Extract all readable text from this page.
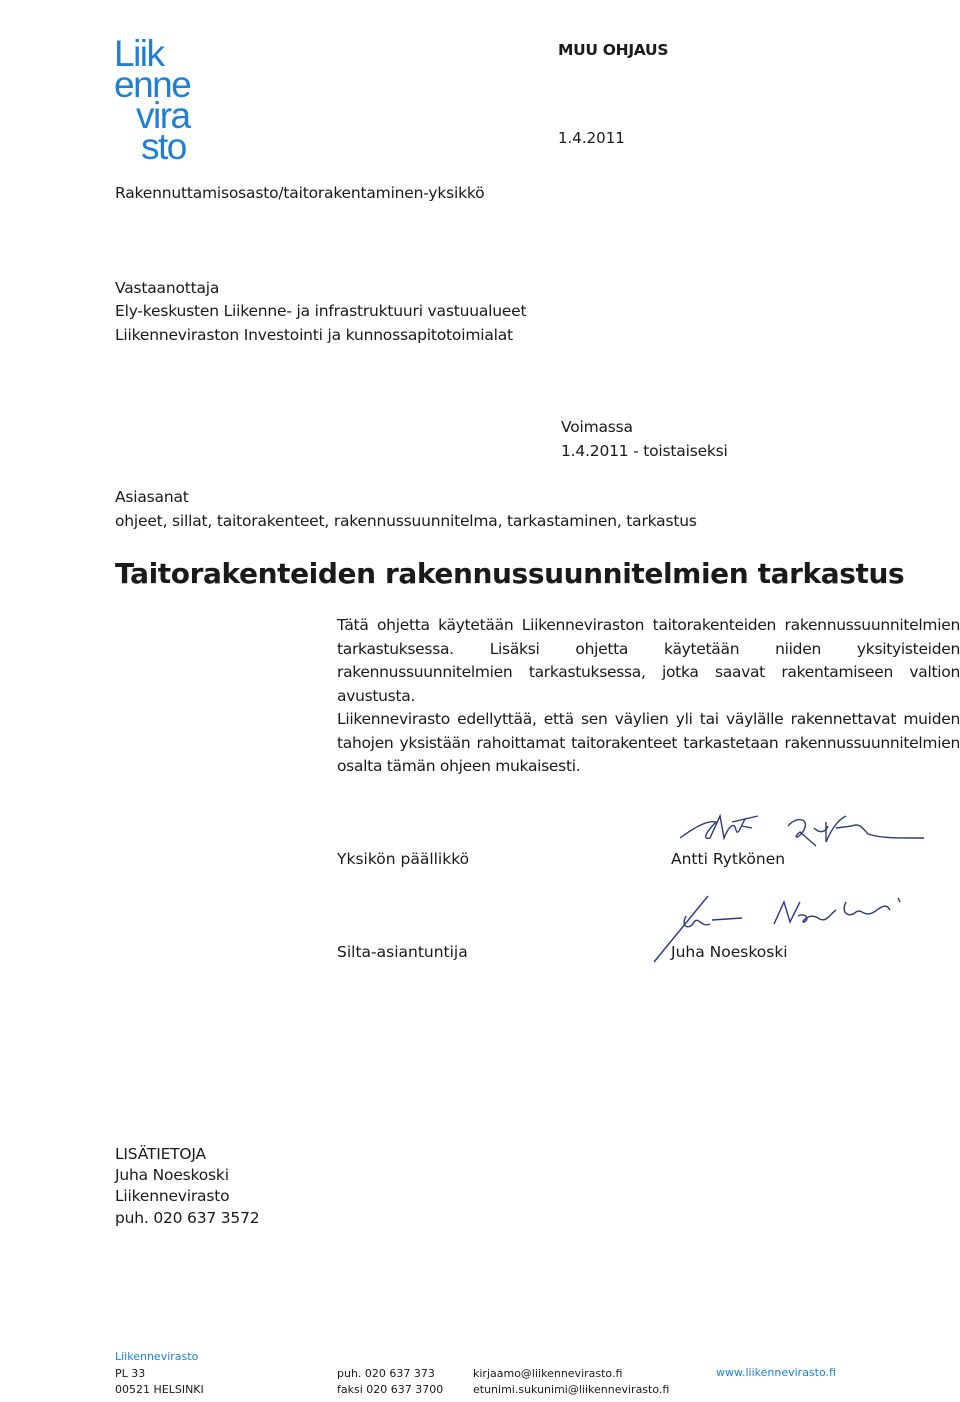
Liik
enne
vira
sto
MUU OHJAUS
1.4.2011
Rakennuttamisosasto/taitorakentaminen-yksikkö
Vastaanottaja
Ely-keskusten Liikenne- ja infrastruktuuri vastuualueet
Liikenneviraston Investointi ja kunnossapitotoimialat
Voimassa
1.4.2011 - toistaiseksi
Asiasanat
ohjeet, sillat, taitorakenteet, rakennussuunnitelma, tarkastaminen, tarkastus
Taitorakenteiden rakennussuunnitelmien tarkastus

Tätä ohjetta käytetään Liikenneviraston taitorakenteiden rakennussuunnitelmien tarkastuksessa. Lisäksi ohjetta käytetään niiden yksityisteiden rakennussuunnitelmien tarkastuksessa, jotka saavat rakentamiseen valtion avustusta.

Liikennevirasto edellyttää, että sen väylien yli tai väylälle rakennettavat muiden tahojen yksistään rahoittamat taitorakenteet tarkastetaan rakennussuunnitelmien osalta tämän ohjeen mukaisesti.

Yksikön päällikkö	Antti Rytkönen
Silta-asiantuntija	Juha Noeskoski
LISÄTIETOJA
Juha Noeskoski
Liikennevirasto
puh. 020 637 3572
Liikennevirasto
PL 33
00521 HELSINKI
puh. 020 637 373
faksi 020 637 3700
kirjaamo@liikennevirasto.fi
etunimi.sukunimi@liikennevirasto.fi
www.liikennevirasto.fi
